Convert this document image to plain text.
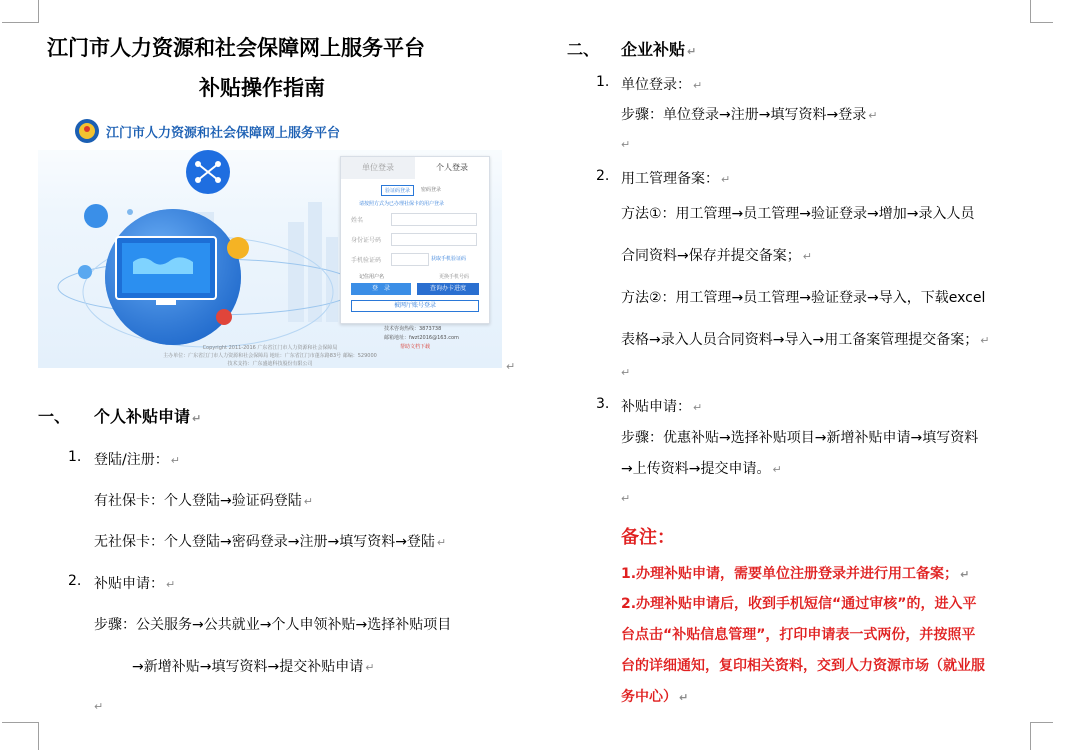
江门市人力资源和社会保障网上服务平台
补贴操作指南
江门市人力资源和社会保障网上服务平台
单位登录	个人登录
验证码登录	密码登录
请按照方式为已办理社保卡的用户登录
姓名
身份证号码
手机验证码	获取手机验证码
记住用户名	更换手机号码
登　录	查询办卡进度
被网厅账号登录
技术咨询热线：3873738
邮箱地址：fwzt2016@163.com
帮助文档下载
Copyright 2011-2016 广东省江门市人力资源和社会保障局
主办单位：广东省江门市人力资源和社会保障局 地址：广东省江门市蓬东路83号 邮编：529000
技术支持：广东盛迪科技股份有限公司	↵
一、 个人补贴申请 ↵
1. 登陆/注册： ↵
有社保卡：个人登陆→验证码登陆 ↵
无社保卡：个人登陆→密码登录→注册→填写资料→登陆 ↵
2. 补贴申请： ↵
步骤：公关服务→公共就业→个人申领补贴→选择补贴项目
→新增补贴→填写资料→提交补贴申请 ↵
↵
二、 企业补贴 ↵
1. 单位登录： ↵
步骤：单位登录→注册→填写资料→登录 ↵
↵
2. 用工管理备案： ↵
方法①：用工管理→员工管理→验证登录→增加→录入人员
合同资料→保存并提交备案； ↵
方法②：用工管理→员工管理→验证登录→导入，下载excel
表格→录入人员合同资料→导入→用工备案管理提交备案； ↵
↵
3. 补贴申请： ↵
步骤：优惠补贴→选择补贴项目→新增补贴申请→填写资料
→上传资料→提交申请。 ↵
↵
备注：
1.办理补贴申请，需要单位注册登录并进行用工备案； ↵
2.办理补贴申请后，收到手机短信“通过审核”的，进入平
台点击“补贴信息管理”，打印申请表一式两份，并按照平
台的详细通知，复印相关资料，交到人力资源市场（就业服
务中心） ↵
